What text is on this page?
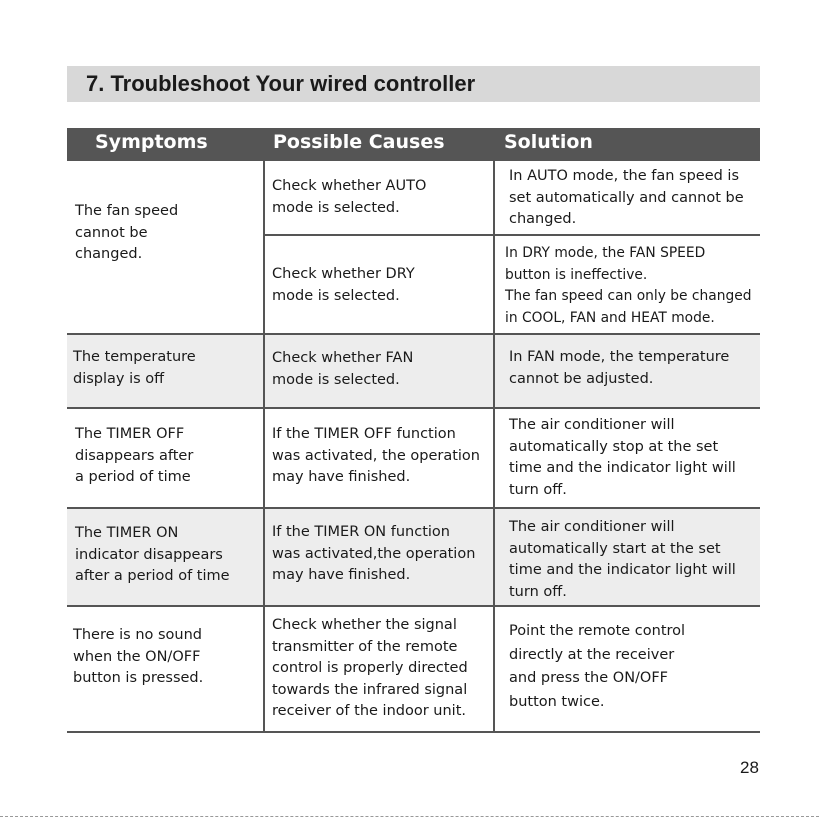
7. Troubleshoot Your wired controller
Symptoms	Possible Causes	Solution
The fan speed
cannot be
changed.
Check whether AUTO
mode is selected.
In AUTO mode, the fan speed is
set automatically and cannot be
changed.
Check whether DRY
mode is selected.
In DRY mode, the FAN SPEED
button is ineffective.
The fan speed can only be changed
in COOL, FAN and HEAT mode.
The temperature
display is off
Check whether FAN
mode is selected.
In FAN mode, the temperature
cannot be adjusted.
The TIMER OFF
disappears after
a period of time
If the TIMER OFF function
was activated, the operation
may have finished.
The air conditioner will
automatically stop at the set
time and the indicator light will
turn off.
The TIMER ON
indicator disappears
after a period of time
If the TIMER ON function
was activated,the operation
may have finished.
The air conditioner will
automatically start at the set
time and the indicator light will
turn off.
There is no sound
when the ON/OFF
button is pressed.
Check whether the signal
transmitter of the remote
control is properly directed
towards the infrared signal
receiver of the indoor unit.
Point the remote control
directly at the receiver
and press the ON/OFF
button twice.
28
